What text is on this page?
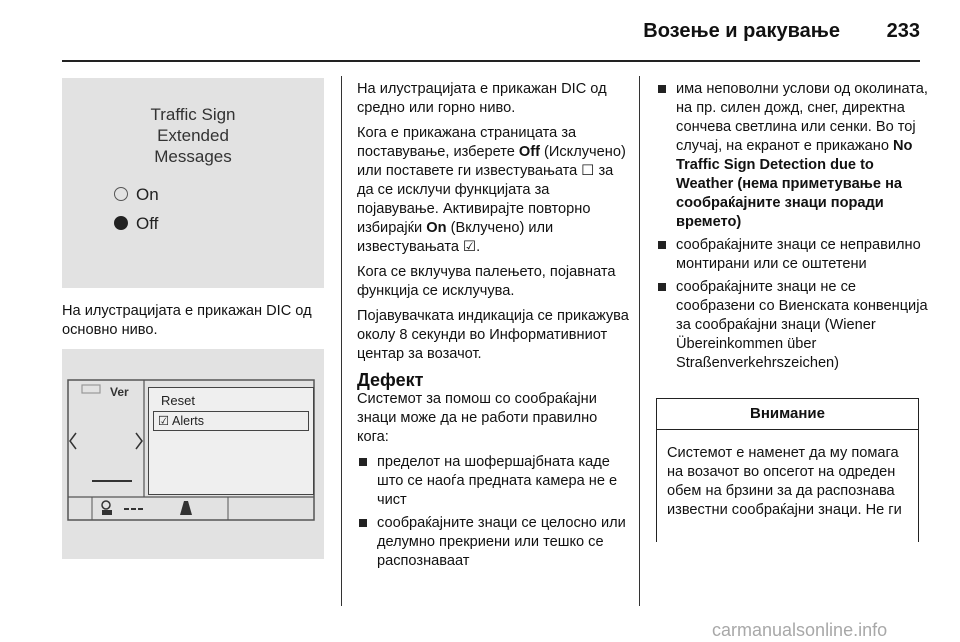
Возење и ракување 233
Traffic Sign
Extended
Messages
On
Off
На илустрацијата е прикажан DIC од основно ниво.
Ver
Reset
☑ Alerts

На илустрацијата е прикажан DIC од средно или горно ниво.

Кога е прикажана страницата за поставување, изберете Off (Исклучено) или поставете ги известувањата ☐ за да се исклучи функцијата за појавување. Активирајте повторно избирајќи On (Вклучено) или известувањата ☑.

Кога се вклучува палењето, појавната функција се исклучува.

Појавувачката индикација се прикажува околу 8 секунди во Информативниот центар за возачот.

Дефект

Системот за помош со сообраќајни знаци може да не работи правилно кога:

пределот на шофершајбната каде што се наоѓа предната камера не е чист
сообраќајните знаци се целосно или делумно прекриени или тешко се распознаваат
има неповолни услови од околината, на пр. силен дожд, снег, директна сончева светлина или сенки. Во тој случај, на екранот е прикажано No Traffic Sign Detection due to Weather (нема приметување на сообраќајните знаци поради времето)
сообраќајните знаци се неправилно монтирани или се оштетени
сообраќајните знаци не се сообразени со Виенската конвенција за сообраќајни знаци (Wiener Übereinkommen über Straßenverkehrszeichen)
Внимание
Системот е наменет да му помага на возачот во опсегот на одреден обем на брзини за да распознава известни сообраќајни знаци. Не ги
carmanualsonline.info
